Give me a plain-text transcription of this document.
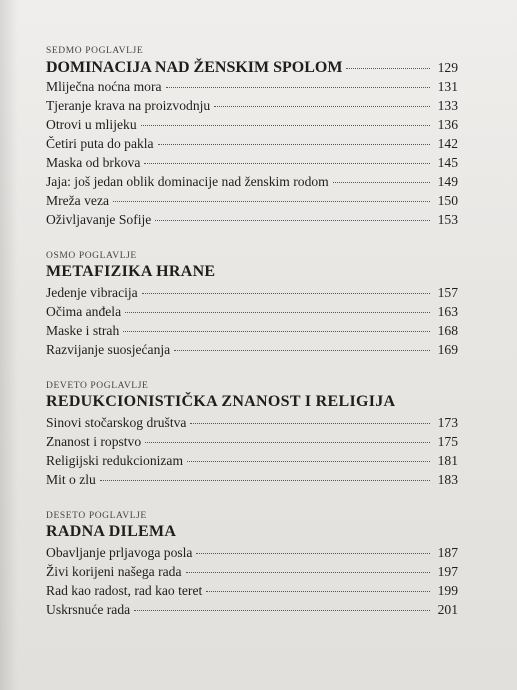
SEDMO POGLAVLJE
DOMINACIJA NAD ŽENSKIM SPOLOM	129
Mliječna noćna mora	131
Tjeranje krava na proizvodnju	133
Otrovi u mlijeku	136
Četiri puta do pakla	142
Maska od brkova	145
Jaja: još jedan oblik dominacije nad ženskim rodom	149
Mreža veza	150
Oživljavanje Sofije	153
OSMO POGLAVLJE
METAFIZIKA HRANE
Jedenje vibracija	157
Očima anđela	163
Maske i strah	168
Razvijanje suosjećanja	169
DEVETO POGLAVLJE
REDUKCIONISTIČKA ZNANOST I RELIGIJA
Sinovi stočarskog društva	173
Znanost i ropstvo	175
Religijski redukcionizam	181
Mit o zlu	183
DESETO POGLAVLJE
RADNA DILEMA
Obavljanje prljavoga posla	187
Živi korijeni našega rada	197
Rad kao radost, rad kao teret	199
Uskrsnuće rada	201
